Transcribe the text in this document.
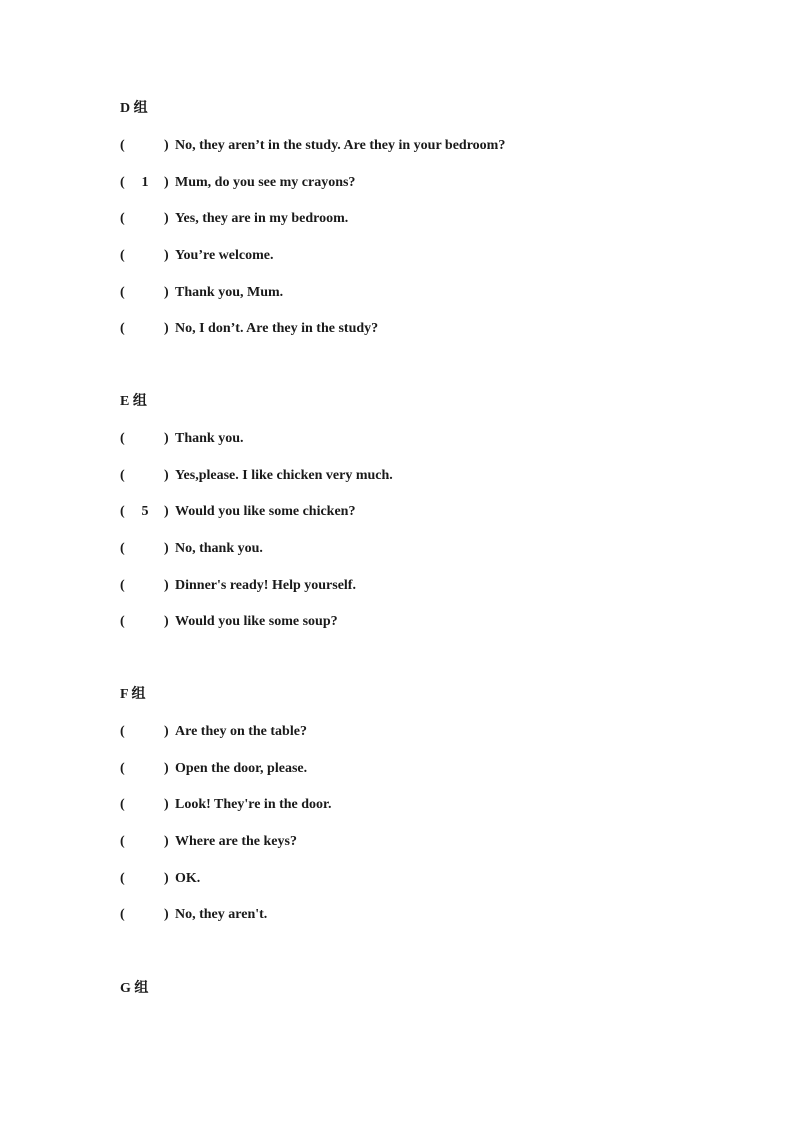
D 组
(	) No, they aren’t in the study. Are they in your bedroom?
( 1 ) Mum, do you see my crayons?
(	) Yes, they are in my bedroom.
(	) You’re welcome.
(	) Thank you, Mum.
(	) No, I don’t. Are they in the study?
E 组
(	) Thank you.
(	) Yes,please. I like chicken very much.
( 5 ) Would you like some chicken?
(	) No, thank you.
(	) Dinner's ready! Help yourself.
(	) Would you like some soup?
F 组
(	) Are they on the table?
(	) Open the door, please.
(	) Look! They're in the door.
(	) Where are the keys?
(	) OK.
(	) No, they aren't.
G 组
